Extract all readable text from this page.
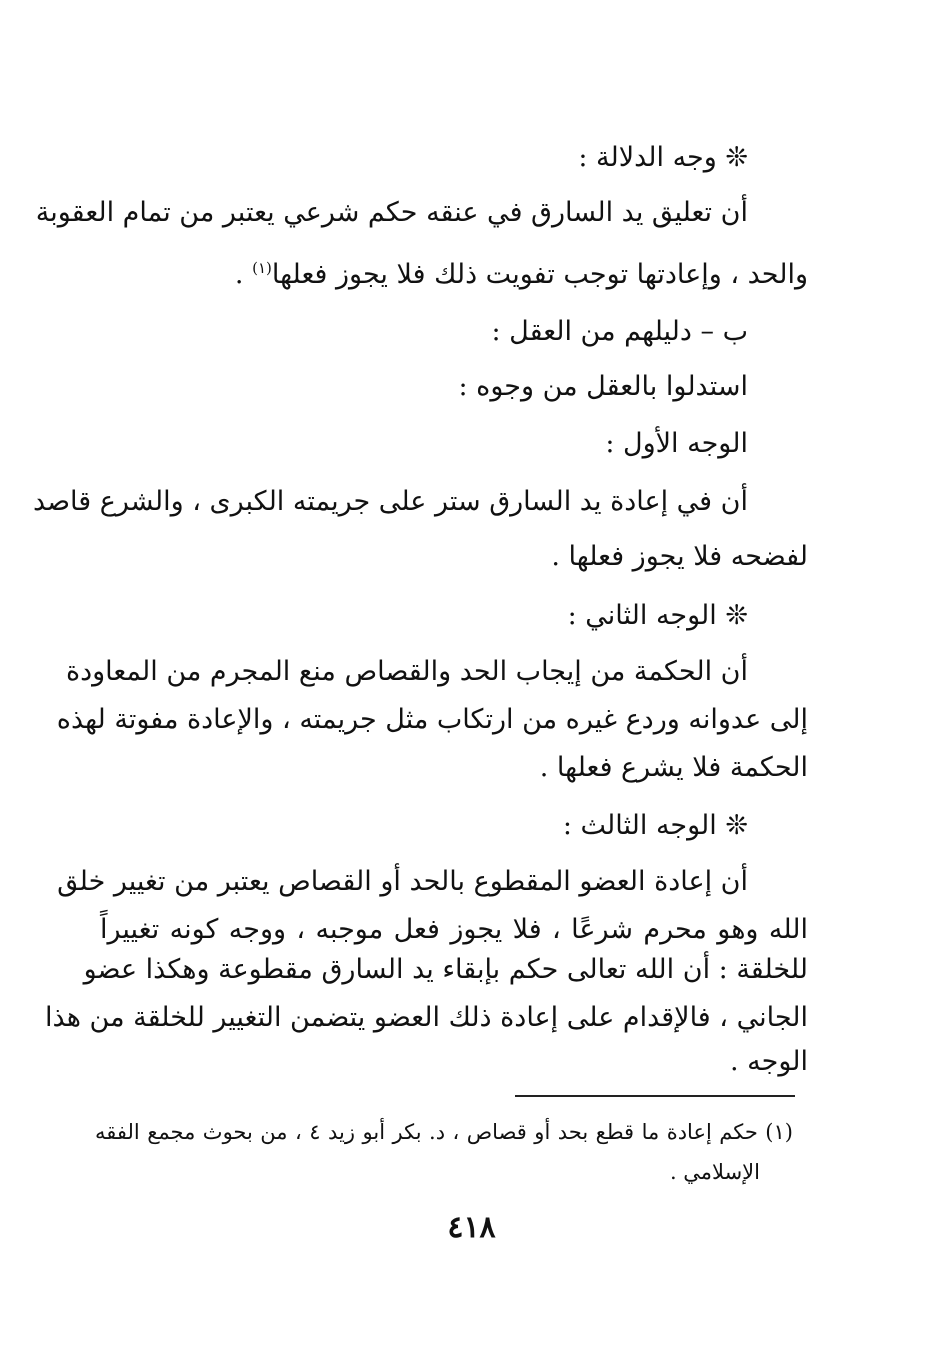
❊ وجه الدلالة :
أن تعليق يد السارق في عنقه حكم شرعي يعتبر من تمام العقوبة
والحد ، وإعادتها توجب تفويت ذلك فلا يجوز فعلها$^{(١)}$ .
ب – دليلهم من العقل :
استدلوا بالعقل من وجوه :
الوجه الأول :
أن في إعادة يد السارق ستر على جريمته الكبرى ، والشرع قاصد
لفضحه فلا يجوز فعلها .
❊ الوجه الثاني :
أن الحكمة من إيجاب الحد والقصاص منع المجرم من المعاودة
إلى عدوانه وردع غيره من ارتكاب مثل جريمته ، والإعادة مفوتة لهذه
الحكمة فلا يشرع فعلها .
❊ الوجه الثالث :
أن إعادة العضو المقطوع بالحد أو القصاص يعتبر من تغيير خلق
الله وهو محرم شرعًا ، فلا يجوز فعل موجبه ، ووجه كونه تغييراً
للخلقة : أن الله تعالى حكم بإبقاء يد السارق مقطوعة وهكذا عضو
الجاني ، فالإقدام على إعادة ذلك العضو يتضمن التغيير للخلقة من هذا
الوجه .
(١) حكم إعادة ما قطع بحد أو قصاص ، د. بكر أبو زيد ٤ ، من بحوث مجمع الفقه
الإسلامي .
٤١٨
